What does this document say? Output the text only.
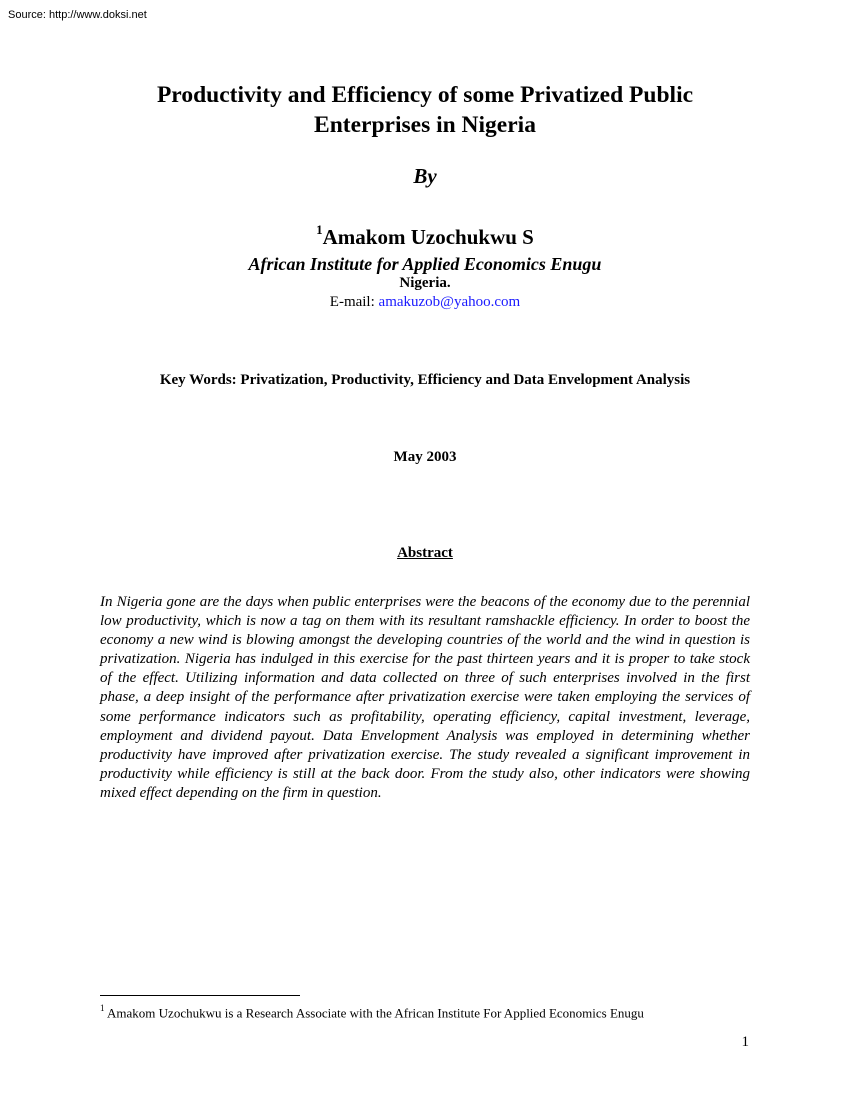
Source: http://www.doksi.net
Productivity and Efficiency of some Privatized Public Enterprises in Nigeria
By
$^1$Amakom Uzochukwu S
African Institute for Applied Economics Enugu
Nigeria.
E-mail: amakuzob@yahoo.com
Key Words: Privatization, Productivity, Efficiency and Data Envelopment Analysis
May 2003
Abstract
In Nigeria gone are the days when public enterprises were the beacons of the economy due to the perennial low productivity, which is now a tag on them with its resultant ramshackle efficiency. In order to boost the economy a new wind is blowing amongst the developing countries of the world and the wind in question is privatization. Nigeria has indulged in this exercise for the past thirteen years and it is proper to take stock of the effect. Utilizing information and data collected on three of such enterprises involved in the first phase, a deep insight of the performance after privatization exercise were taken employing the services of some performance indicators such as profitability, operating efficiency, capital investment, leverage, employment and dividend payout. Data Envelopment Analysis was employed in determining whether productivity have improved after privatization exercise. The study revealed a significant improvement in productivity while efficiency is still at the back door. From the study also, other indicators were showing mixed effect depending on the firm in question.
$^1$ Amakom Uzochukwu is a Research Associate with the African Institute For Applied Economics Enugu
1
